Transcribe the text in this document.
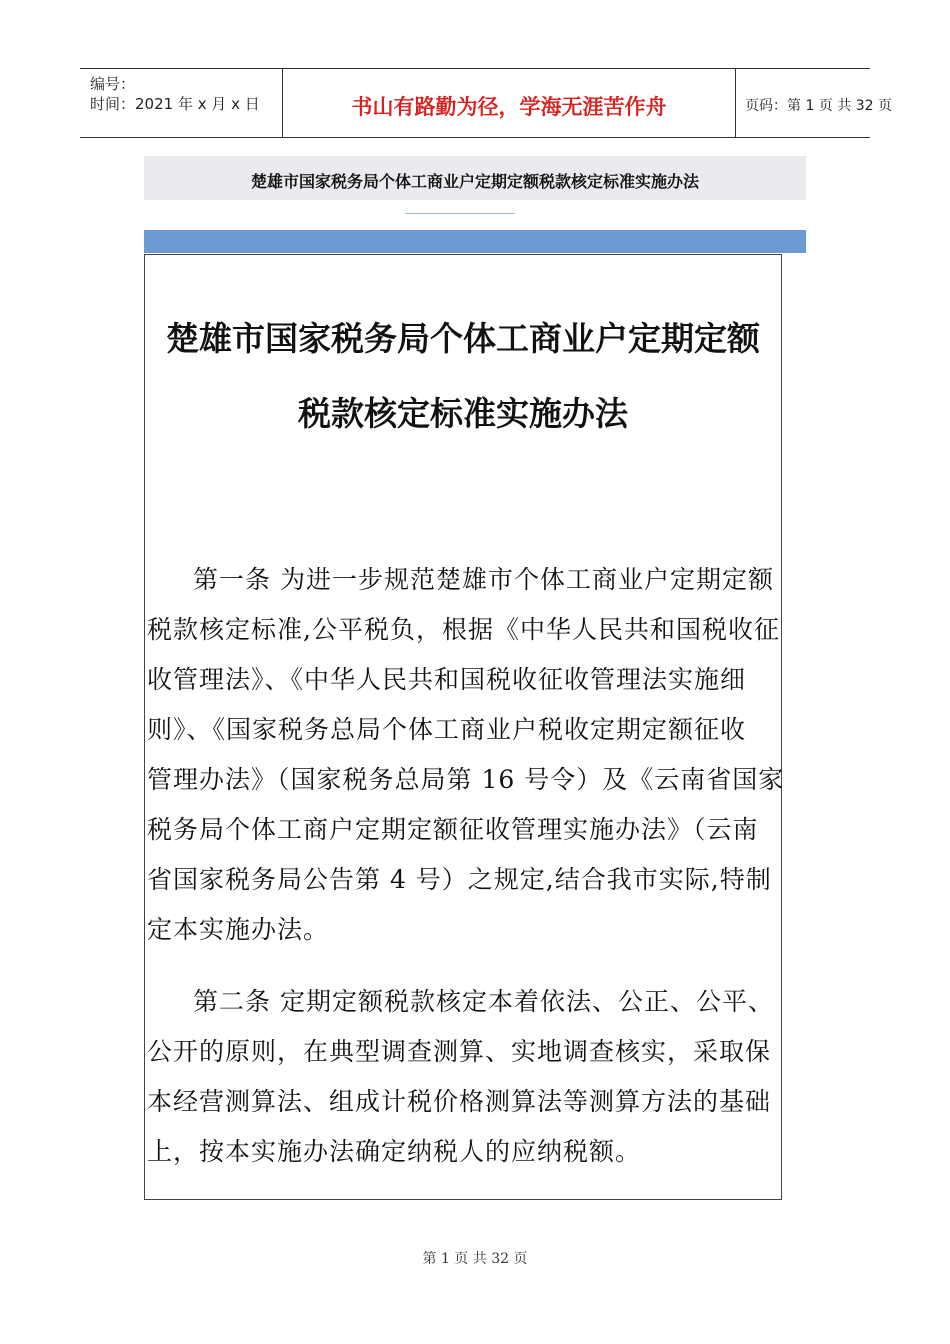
编号：
时间：2021 年 x 月 x 日	书山有路勤为径，学海无涯苦作舟	页码：第 1 页 共 32 页
楚雄市国家税务局个体工商业户定期定额税款核定标准实施办法
楚雄市国家税务局个体工商业户定期定额
税款核定标准实施办法
第一条 为进一步规范楚雄市个体工商业户定期定额
税款核定标准,公平税负，根据《中华人民共和国税收征
收管理法》、《中华人民共和国税收征收管理法实施细
则》、《国家税务总局个体工商业户税收定期定额征收
管理办法》（国家税务总局第 16 号令）及《云南省国家
税务局个体工商户定期定额征收管理实施办法》（云南
省国家税务局公告第 4 号）之规定,结合我市实际,特制
定本实施办法。
第二条 定期定额税款核定本着依法、公正、公平、
公开的原则，在典型调查测算、实地调查核实，采取保
本经营测算法、组成计税价格测算法等测算方法的基础
上，按本实施办法确定纳税人的应纳税额。
第 1 页 共 32 页
